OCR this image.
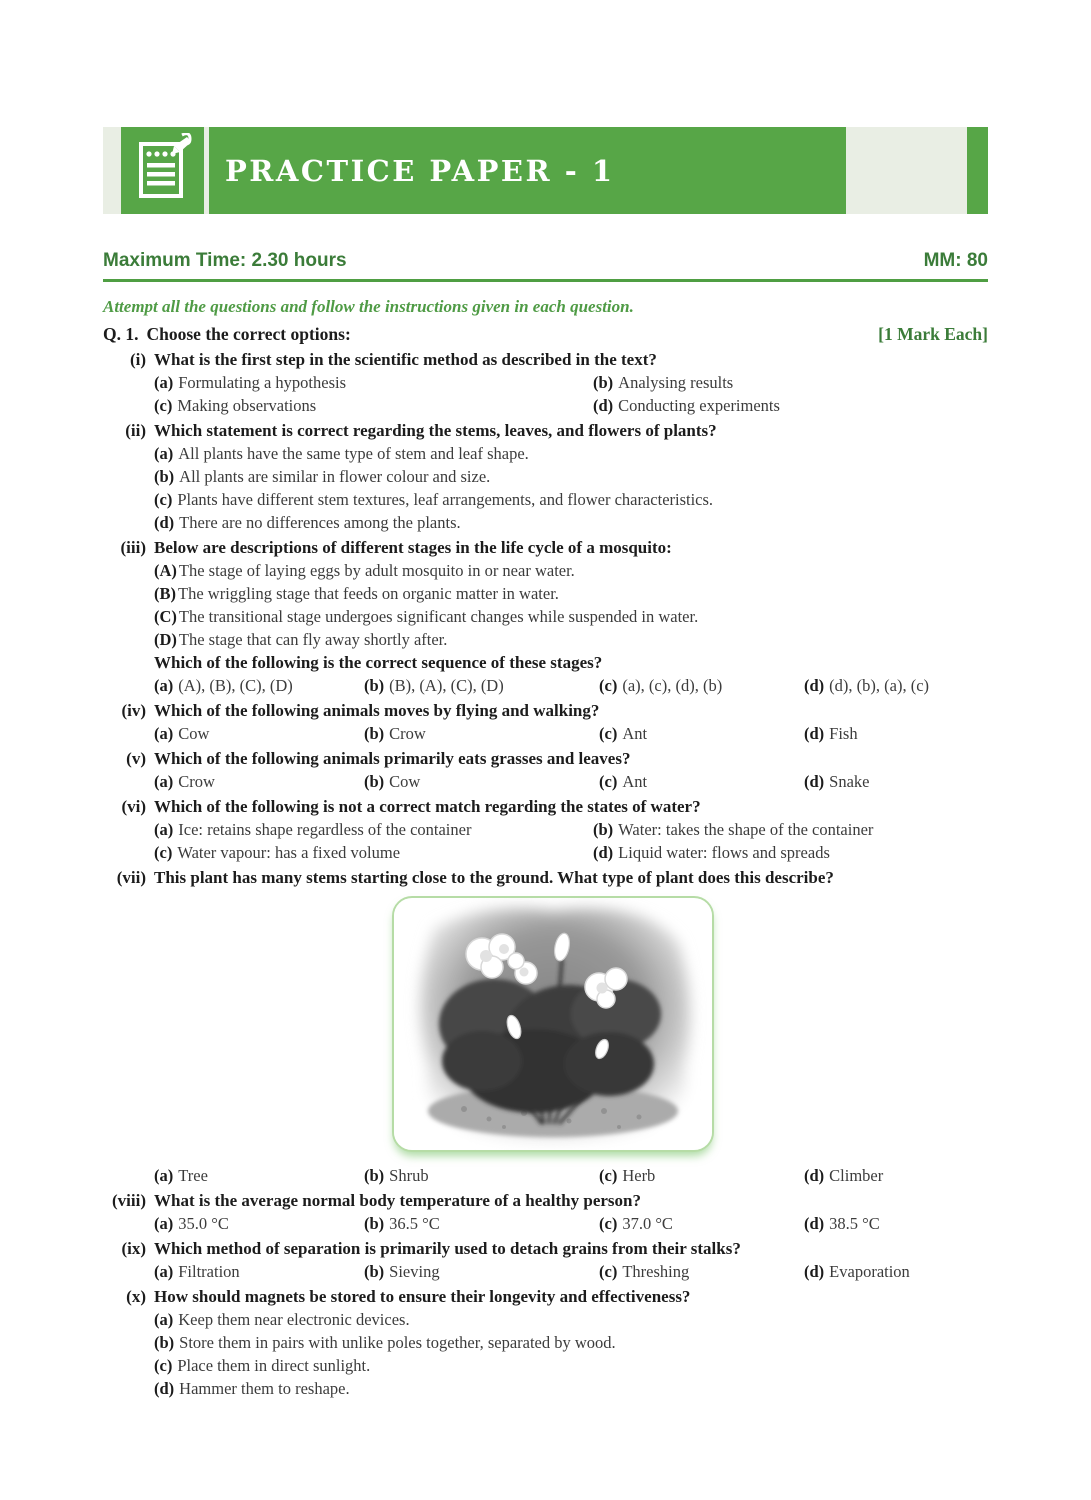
PRACTICE PAPER - 1
Maximum Time: 2.30 hours	MM: 80
Attempt all the questions and follow the instructions given in each question.
Q. 1. Choose the correct options:	[1 Mark Each]
(i) What is the first step in the scientific method as described in the text?
(a) Formulating a hypothesis	(b) Analysing results
(c) Making observations	(d) Conducting experiments
(ii) Which statement is correct regarding the stems, leaves, and flowers of plants?
(a) All plants have the same type of stem and leaf shape.
(b) All plants are similar in flower colour and size.
(c) Plants have different stem textures, leaf arrangements, and flower characteristics.
(d) There are no differences among the plants.
(iii) Below are descriptions of different stages in the life cycle of a mosquito:
(A) The stage of laying eggs by adult mosquito in or near water.
(B) The wriggling stage that feeds on organic matter in water.
(C) The transitional stage undergoes significant changes while suspended in water.
(D) The stage that can fly away shortly after.
Which of the following is the correct sequence of these stages?
(a) (A), (B), (C), (D)	(b) (B), (A), (C), (D)	(c) (a), (c), (d), (b)	(d) (d), (b), (a), (c)
(iv) Which of the following animals moves by flying and walking?
(a) Cow	(b) Crow	(c) Ant	(d) Fish
(v) Which of the following animals primarily eats grasses and leaves?
(a) Crow	(b) Cow	(c) Ant	(d) Snake
(vi) Which of the following is not a correct match regarding the states of water?
(a) Ice: retains shape regardless of the container	(b) Water: takes the shape of the container
(c) Water vapour: has a fixed volume	(d) Liquid water: flows and spreads
(vii) This plant has many stems starting close to the ground. What type of plant does this describe?
(a) Tree	(b) Shrub	(c) Herb	(d) Climber
(viii) What is the average normal body temperature of a healthy person?
(a) 35.0 °C	(b) 36.5 °C	(c) 37.0 °C	(d) 38.5 °C
(ix) Which method of separation is primarily used to detach grains from their stalks?
(a) Filtration	(b) Sieving	(c) Threshing	(d) Evaporation
(x) How should magnets be stored to ensure their longevity and effectiveness?
(a) Keep them near electronic devices.
(b) Store them in pairs with unlike poles together, separated by wood.
(c) Place them in direct sunlight.
(d) Hammer them to reshape.
